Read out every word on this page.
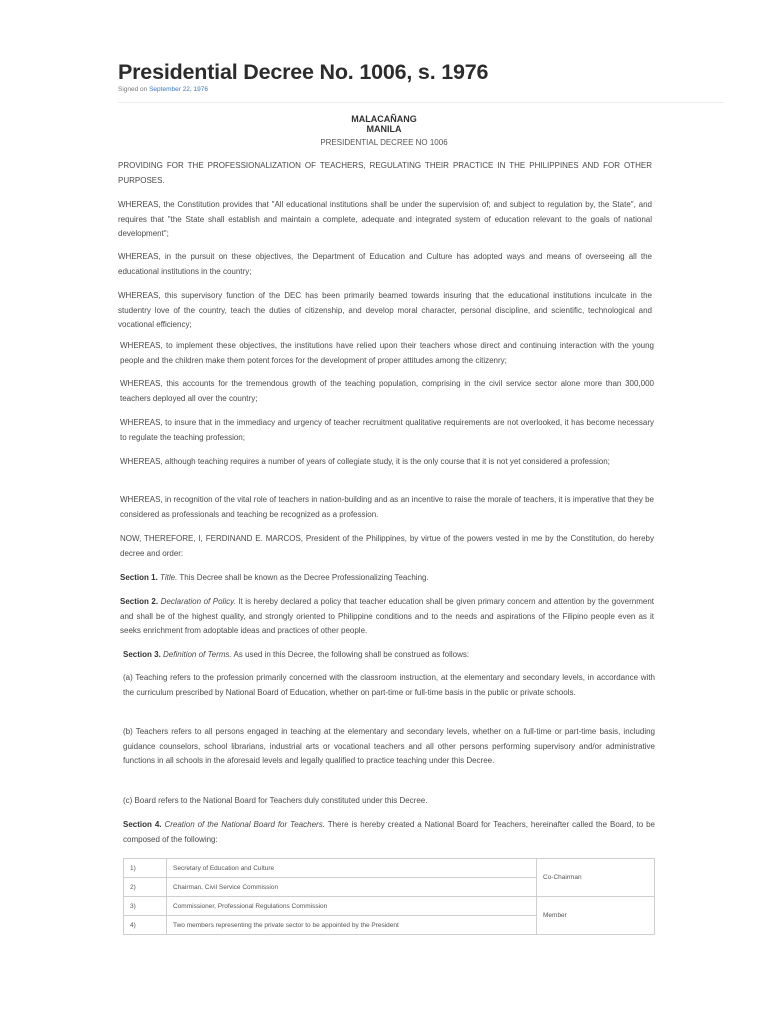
Presidential Decree No. 1006, s. 1976
Signed on September 22, 1976
MALACAÑANG
MANILA
PRESIDENTIAL DECREE NO 1006
PROVIDING FOR THE PROFESSIONALIZATION OF TEACHERS, REGULATING THEIR PRACTICE IN THE PHILIPPINES AND FOR OTHER PURPOSES.
WHEREAS, the Constitution provides that "All educational institutions shall be under the supervision of; and subject to regulation by, the State", and requires that "the State shall establish and maintain a complete, adequate and integrated system of education relevant to the goals of national development";
WHEREAS, in the pursuit on these objectives, the Department of Education and Culture has adopted ways and means of overseeing all the educational institutions in the country;
WHEREAS, this supervisory function of the DEC has been primarily beamed towards insuring that the educational institutions inculcate in the studentry love of the country, teach the duties of citizenship, and develop moral character, personal discipline, and scientific, technological and vocational efficiency;
WHEREAS, to implement these objectives, the institutions have relied upon their teachers whose direct and continuing interaction with the young people and the children make them potent forces for the development of proper attitudes among the citizenry;
WHEREAS, this accounts for the tremendous growth of the teaching population, comprising in the civil service sector alone more than 300,000 teachers deployed all over the country;
WHEREAS, to insure that in the immediacy and urgency of teacher recruitment qualitative requirements are not overlooked, it has become necessary to regulate the teaching profession;
WHEREAS, although teaching requires a number of years of collegiate study, it is the only course that it is not yet considered a profession;
WHEREAS, in recognition of the vital role of teachers in nation-building and as an incentive to raise the morale of teachers, it is imperative that they be considered as professionals and teaching be recognized as a profession.
NOW, THEREFORE, I, FERDINAND E. MARCOS, President of the Philippines, by virtue of the powers vested in me by the Constitution, do hereby decree and order:
Section 1. Title. This Decree shall be known as the Decree Professionalizing Teaching.
Section 2. Declaration of Policy. It is hereby declared a policy that teacher education shall be given primary concern and attention by the government and shall be of the highest quality, and strongly oriented to Philippine conditions and to the needs and aspirations of the Filipino people even as it seeks enrichment from adoptable ideas and practices of other people.
Section 3. Definition of Terms. As used in this Decree, the following shall be construed as follows:
(a) Teaching refers to the profession primarily concerned with the classroom instruction, at the elementary and secondary levels, in accordance with the curriculum prescribed by National Board of Education, whether on part-time or full-time basis in the public or private schools.
(b) Teachers refers to all persons engaged in teaching at the elementary and secondary levels, whether on a full-time or part-time basis, including guidance counselors, school librarians, industrial arts or vocational teachers and all other persons performing supervisory and/or administrative functions in all schools in the aforesaid levels and legally qualified to practice teaching under this Decree.
(c) Board refers to the National Board for Teachers duly constituted under this Decree.
Section 4. Creation of the National Board for Teachers. There is hereby created a National Board for Teachers, hereinafter called the Board, to be composed of the following:
1)	Secretary of Education and Culture	Co-Chairman
2)	Chairman, Civil Service Commission	
3)	Commissioner, Professional Regulations Commission	Member
4)	Two members representing the private sector to be appointed by the President	
